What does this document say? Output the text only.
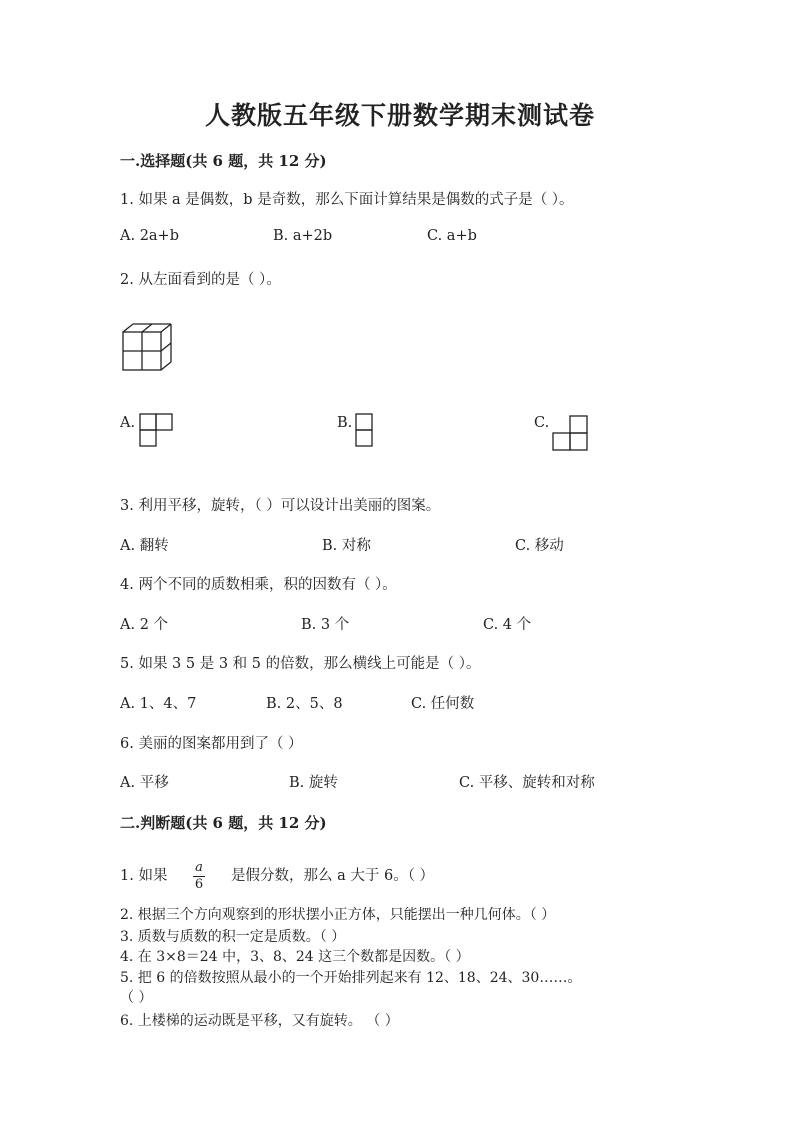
人教版五年级下册数学期末测试卷
一.选择题(共 6 题，共 12 分)
1. 如果 a 是偶数，b 是奇数，那么下面计算结果是偶数的式子是（ ）。
A. 2a+b	B. a+2b	C. a+b
2. 从左面看到的是（ ）。
A.	B.	C.
3. 利用平移，旋转，（ ）可以设计出美丽的图案。
A. 翻转	B. 对称	C. 移动
4. 两个不同的质数相乘，积的因数有（ ）。
A. 2 个	B. 3 个	C. 4 个
5. 如果 3 5 是 3 和 5 的倍数，那么横线上可能是（ ）。
A. 1、4、7	B. 2、5、8	C. 任何数
6. 美丽的图案都用到了（ ）
A. 平移	B. 旋转	C. 平移、旋转和对称
二.判断题(共 6 题，共 12 分)
1. 如果 $\frac{a}{6}$ 是假分数，那么 a 大于 6。（ ）
2. 根据三个方向观察到的形状摆小正方体，只能摆出一种几何体。（ ）
3. 质数与质数的积一定是质数。（ ）
4. 在 3×8＝24 中，3、8、24 这三个数都是因数。（ ）
5. 把 6 的倍数按照从最小的一个开始排列起来有 12、18、24、30……。
（ ）
6. 上楼梯的运动既是平移，又有旋转。 （ ）
